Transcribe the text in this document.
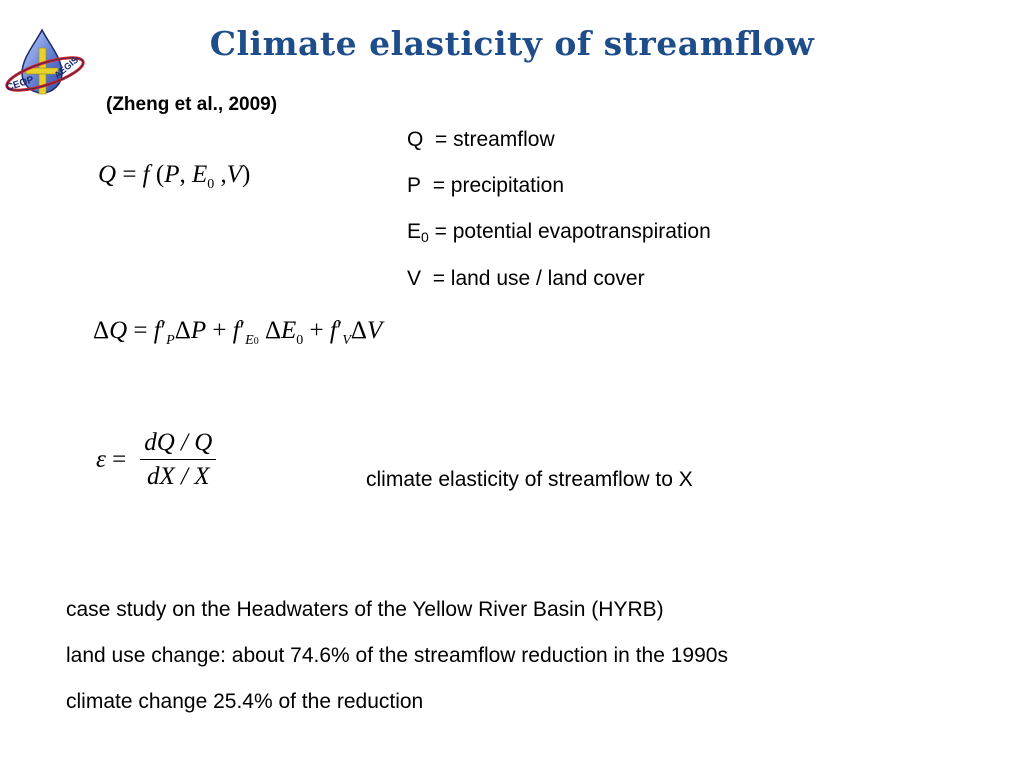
CEOP
AEGIS
Climate elasticity of streamflow
(Zheng et al., 2009)
Q = f (P, $E_0$ ,V)
Q = streamflow
P = precipitation
$E_0$ = potential evapotranspiration
V = land use / land cover
$\Delta Q = f'_P\Delta P + f'_{E0}$ $\Delta E_0 + f'_V\Delta V$
$\varepsilon = \frac{dQ / Q}{dX / X}$	climate elasticity of streamflow to X
case study on the Headwaters of the Yellow River Basin (HYRB)
land use change: about 74.6% of the streamflow reduction in the 1990s
climate change 25.4% of the reduction
